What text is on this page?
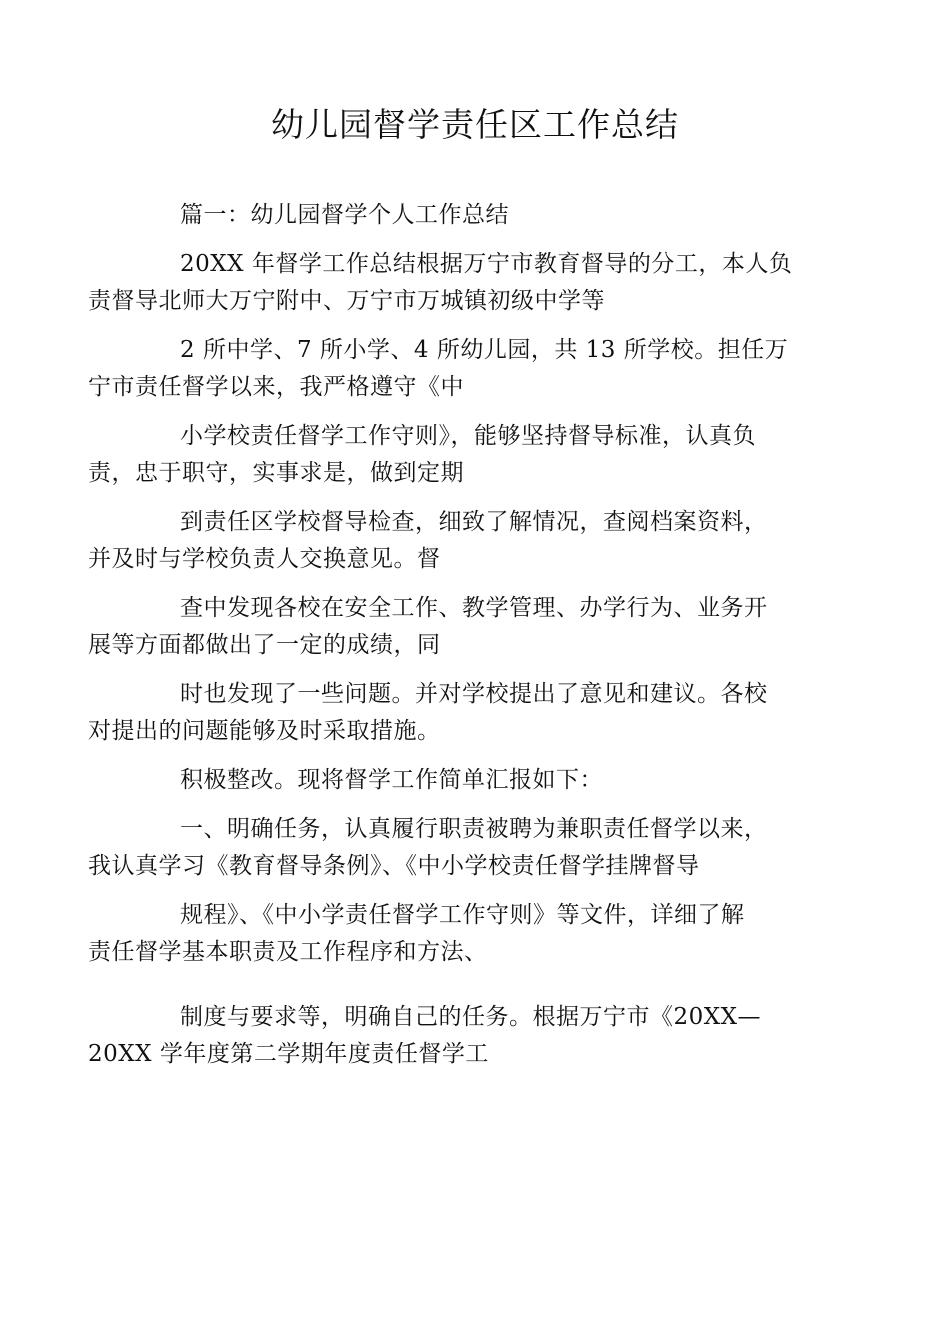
幼儿园督学责任区工作总结

篇一：幼儿园督学个人工作总结

20XX 年督学工作总结根据万宁市教育督导的分工，本人负
责督导北师大万宁附中、万宁市万城镇初级中学等

2 所中学、7 所小学、4 所幼儿园，共 13 所学校。担任万
宁市责任督学以来，我严格遵守《中

小学校责任督学工作守则》，能够坚持督导标准，认真负
责，忠于职守，实事求是，做到定期

到责任区学校督导检查，细致了解情况，查阅档案资料，
并及时与学校负责人交换意见。督

查中发现各校在安全工作、教学管理、办学行为、业务开
展等方面都做出了一定的成绩，同

时也发现了一些问题。并对学校提出了意见和建议。各校
对提出的问题能够及时采取措施。

积极整改。现将督学工作简单汇报如下：

一、明确任务，认真履行职责被聘为兼职责任督学以来，
我认真学习《教育督导条例》、《中小学校责任督学挂牌督导

规程》、《中小学责任督学工作守则》等文件，详细了解
责任督学基本职责及工作程序和方法、

制度与要求等，明确自己的任务。根据万宁市《20XX—
20XX 学年度第二学期年度责任督学工
